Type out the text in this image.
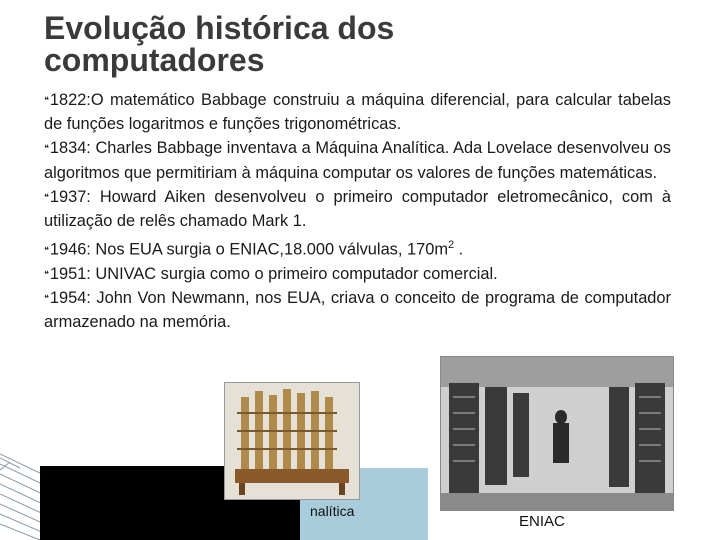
Evolução histórica dos computadores
❝1822:O matemático Babbage construiu a máquina diferencial, para calcular tabelas de funções logaritmos e funções trigonométricas.
❝1834: Charles Babbage inventava a Máquina Analítica. Ada Lovelace desenvolveu os algoritmos que permitiriam à máquina computar os valores de funções matemáticas.
❝1937: Howard Aiken desenvolveu o primeiro computador eletromecânico, com à utilização de relês chamado Mark 1.
❝1946: Nos EUA surgia o ENIAC,18.000 válvulas, $170m^2$ .
❝1951: UNIVAC surgia como o primeiro computador comercial.
❝1954: John Von Newmann, nos EUA, criava o conceito de programa de computador armazenado na memória.
nalítica
ENIAC
